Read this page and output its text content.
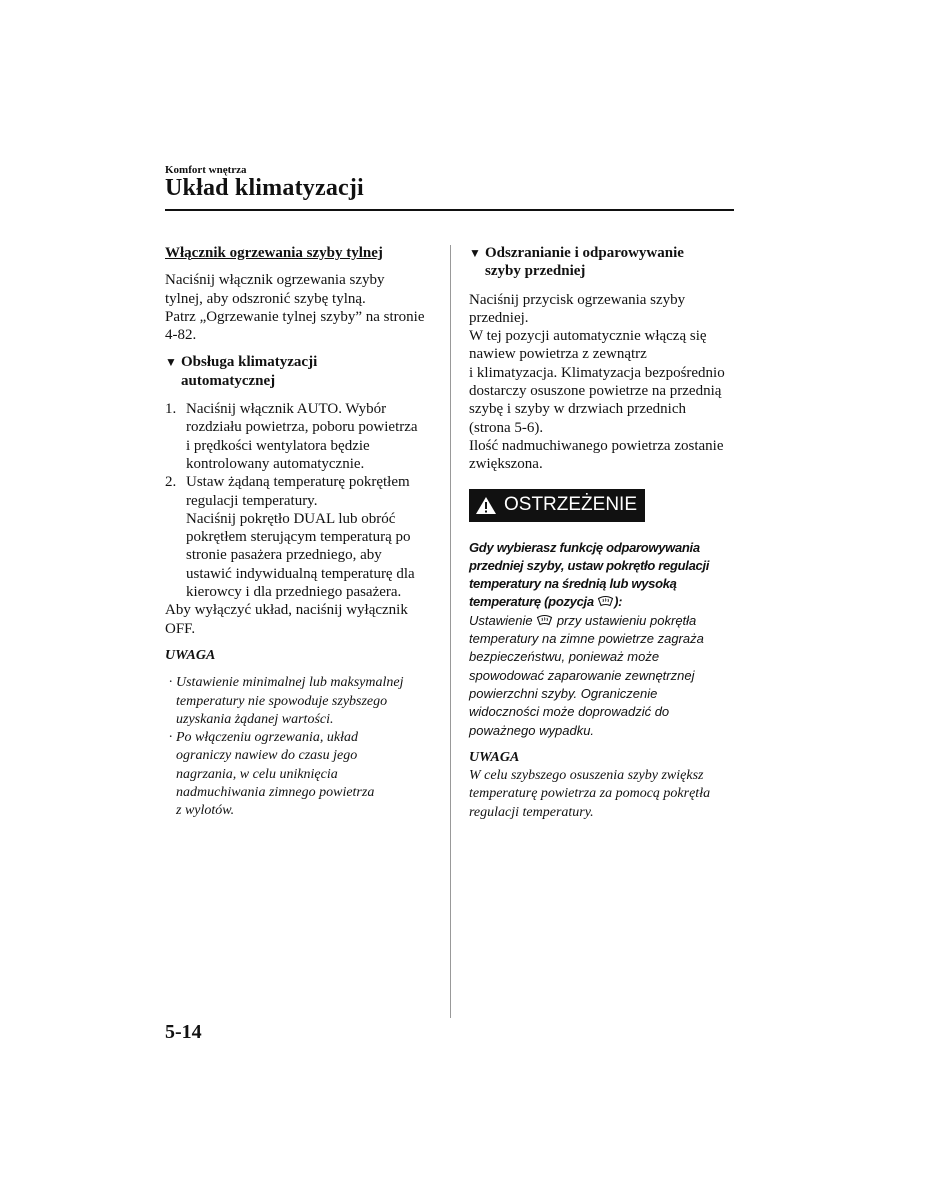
Komfort wnętrza
Układ klimatyzacji

Włącznik ogrzewania szyby tylnej

Naciśnij włącznik ogrzewania szyby

tylnej, aby odszronić szybę tylną.

Patrz „Ogrzewanie tylnej szyby” na stronie

4-82.

▼ Obsługa klimatyzacji

automatycznej

1. Naciśnij włącznik AUTO. Wybór

rozdziału powietrza, poboru powietrza

i prędkości wentylatora będzie

kontrolowany automatycznie.

2. Ustaw żądaną temperaturę pokrętłem

regulacji temperatury.

Naciśnij pokrętło DUAL lub obróć

pokrętłem sterującym temperaturą po

stronie pasażera przedniego, aby

ustawić indywidualną temperaturę dla

kierowcy i dla przedniego pasażera.

Aby wyłączyć układ, naciśnij wyłącznik

OFF.

UWAGA

· Ustawienie minimalnej lub maksymalnej

temperatury nie spowoduje szybszego

uzyskania żądanej wartości.

· Po włączeniu ogrzewania, układ

ograniczy nawiew do czasu jego

nagrzania, w celu uniknięcia

nadmuchiwania zimnego powietrza

z wylotów.

▼ Odszranianie i odparowywanie

szyby przedniej

Naciśnij przycisk ogrzewania szyby

przedniej.

W tej pozycji automatycznie włączą się

nawiew powietrza z zewnątrz

i klimatyzacja. Klimatyzacja bezpośrednio

dostarczy osuszone powietrze na przednią

szybę i szyby w drzwiach przednich

(strona 5-6).

Ilość nadmuchiwanego powietrza zostanie

zwiększona.

OSTRZEŻENIE

Gdy wybierasz funkcję odparowywania

przedniej szyby, ustaw pokrętło regulacji

temperatury na średnią lub wysoką

temperaturę (pozycja ):

Ustawienie  przy ustawieniu pokrętła

temperatury na zimne powietrze zagraża

bezpieczeństwu, ponieważ może

spowodować zaparowanie zewnętrznej

powierzchni szyby. Ograniczenie

widoczności może doprowadzić do

poważnego wypadku.

UWAGA

W celu szybszego osuszenia szyby zwiększ

temperaturę powietrza za pomocą pokrętła

regulacji temperatury.

5-14
